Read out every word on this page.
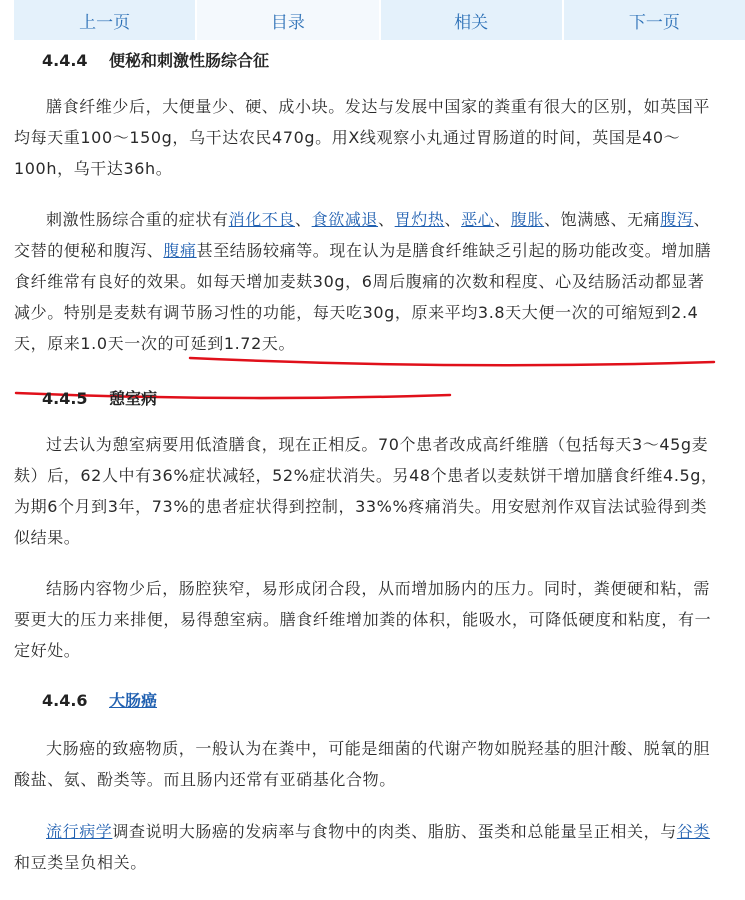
上一页	目录	相关	下一页
4.4.4 便秘和刺激性肠综合征

膳食纤维少后，大便量少、硬、成小块。发达与发展中国家的粪重有很大的区别，如英国平均每天重100～150g，乌干达农民470g。用X线观察小丸通过胃肠道的时间，英国是40～100h，乌干达36h。

刺激性肠综合重的症状有消化不良、食欲减退、胃灼热、恶心、腹胀、饱满感、无痛腹泻、交替的便秘和腹泻、腹痛甚至结肠较痛等。现在认为是膳食纤维缺乏引起的肠功能改变。增加膳食纤维常有良好的效果。如每天增加麦麸30g，6周后腹痛的次数和程度、心及结肠活动都显著减少。特别是麦麸有调节肠习性的功能，每天吃30g，原来平均3.8天大便一次的可缩短到2.4天，原来1.0天一次的可延到1.72天。

4.4.5 憩室病

过去认为憩室病要用低渣膳食，现在正相反。70个患者改成高纤维膳（包括每天3～45g麦麸）后，62人中有36%症状减轻，52%症状消失。另48个患者以麦麸饼干增加膳食纤维4.5g，为期6个月到3年，73%的患者症状得到控制，33%%疼痛消失。用安慰剂作双盲法试验得到类似结果。

结肠内容物少后，肠腔狭窄，易形成闭合段，从而增加肠内的压力。同时，粪便硬和粘，需要更大的压力来排便，易得憩室病。膳食纤维增加粪的体积，能吸水，可降低硬度和粘度，有一定好处。

4.4.6 大肠癌

大肠癌的致癌物质，一般认为在粪中，可能是细菌的代谢产物如脱羟基的胆汁酸、脱氧的胆酸盐、氨、酚类等。而且肠内还常有亚硝基化合物。

流行病学调查说明大肠癌的发病率与食物中的肉类、脂肪、蛋类和总能量呈正相关，与谷类和豆类呈负相关。
